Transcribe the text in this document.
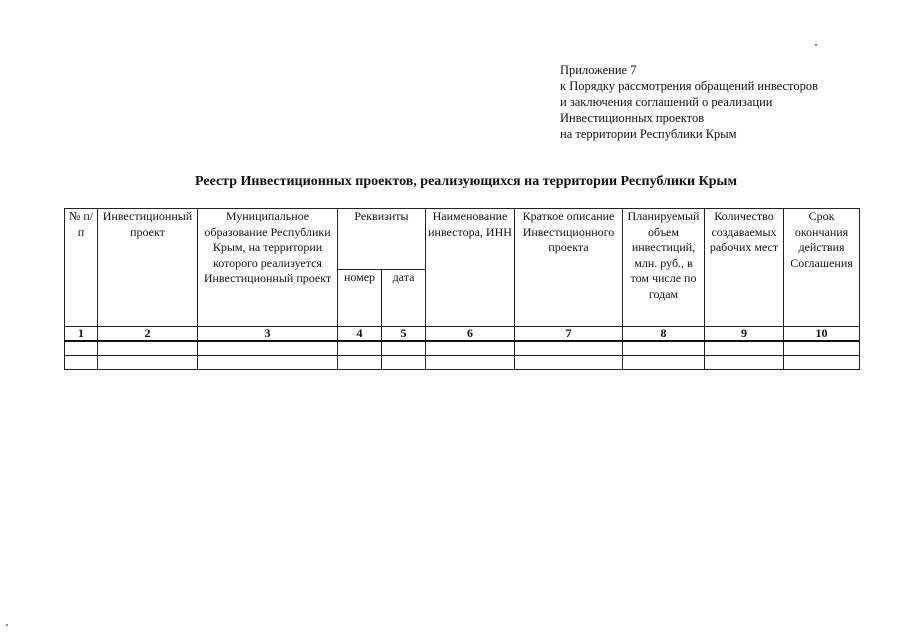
Приложение 7
к Порядку рассмотрения обращений инвесторов
и заключения соглашений о реализации
Инвестиционных проектов
на территории Республики Крым
Реестр Инвестиционных проектов, реализующихся на территории Республики Крым
№ п/п	Инвестиционный проект	Муниципальное образование Республики Крым, на территории которого реализуется Инвестиционный проект	Реквизиты		Наименование инвестора, ИНН	Краткое описание Инвестиционного проекта	Планируемый объем инвестиций, млн. руб., в том числе по годам	Количество создаваемых рабочих мест	Срок окончания действия Соглашения
			номер	дата					
1	2	3	4	5	6	7	8	9	10
